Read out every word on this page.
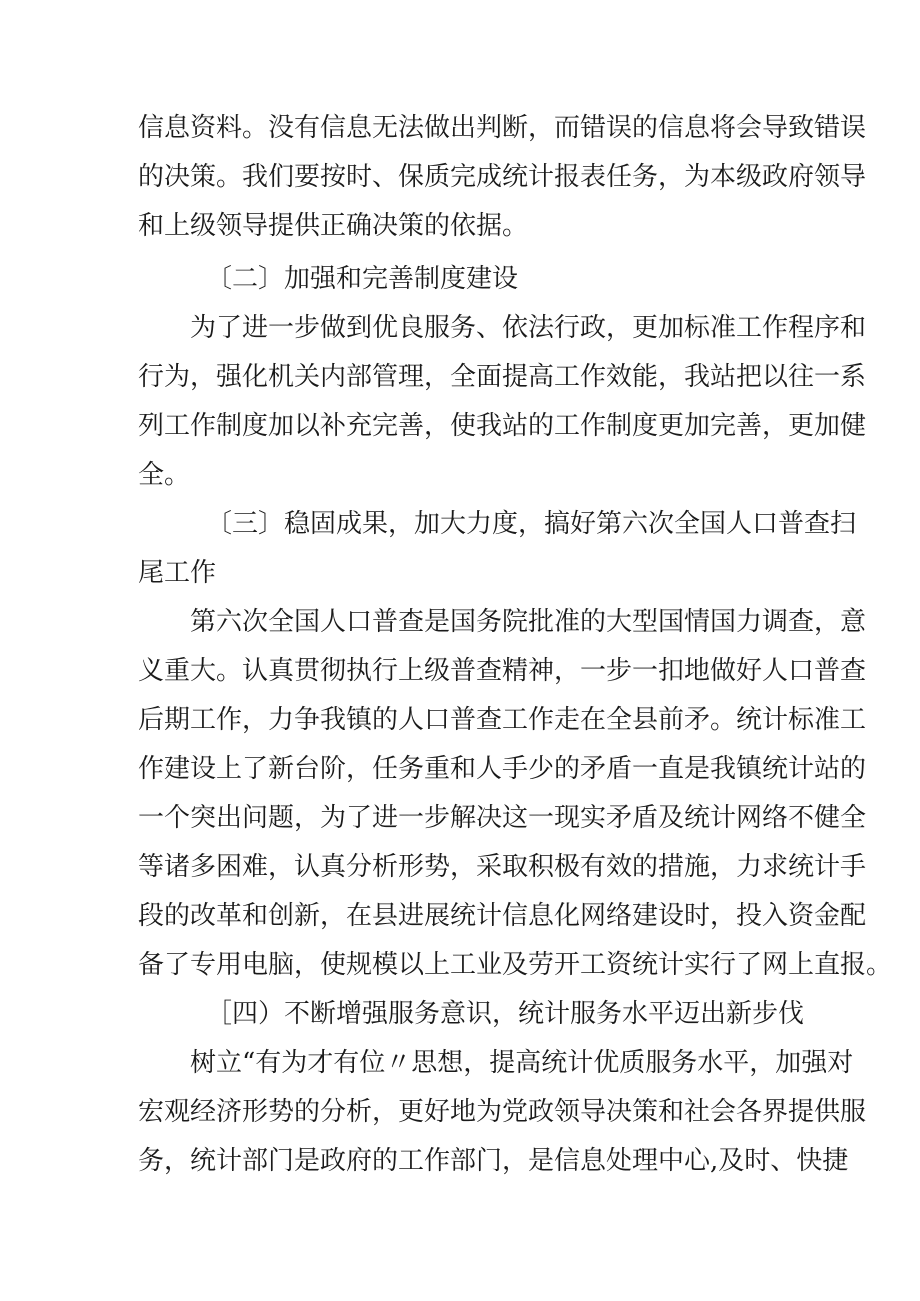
信息资料。没有信息无法做出判断，而错误的信息将会导致错误
的决策。我们要按时、保质完成统计报表任务，为本级政府领导
和上级领导提供正确决策的依据。
〔二〕加强和完善制度建设
为了进一步做到优良服务、依法行政，更加标准工作程序和
行为，强化机关内部管理，全面提高工作效能，我站把以往一系
列工作制度加以补充完善，使我站的工作制度更加完善，更加健
全。
〔三〕稳固成果，加大力度，搞好第六次全国人口普查扫
尾工作
第六次全国人口普查是国务院批准的大型国情国力调查，意
义重大。认真贯彻执行上级普查精神，一步一扣地做好人口普查
后期工作，力争我镇的人口普查工作走在全县前矛。统计标准工
作建设上了新台阶，任务重和人手少的矛盾一直是我镇统计站的
一个突出问题，为了进一步解决这一现实矛盾及统计网络不健全
等诸多困难，认真分析形势，采取积极有效的措施，力求统计手
段的改革和创新，在县进展统计信息化网络建设时，投入资金配
备了专用电脑，使规模以上工业及劳开工资统计实行了网上直报。
［四）不断增强服务意识，统计服务水平迈出新步伐
树立“有为才有位〃思想，提高统计优质服务水平，加强对
宏观经济形势的分析，更好地为党政领导决策和社会各界提供服
务，统计部门是政府的工作部门，是信息处理中心,及时、快捷
